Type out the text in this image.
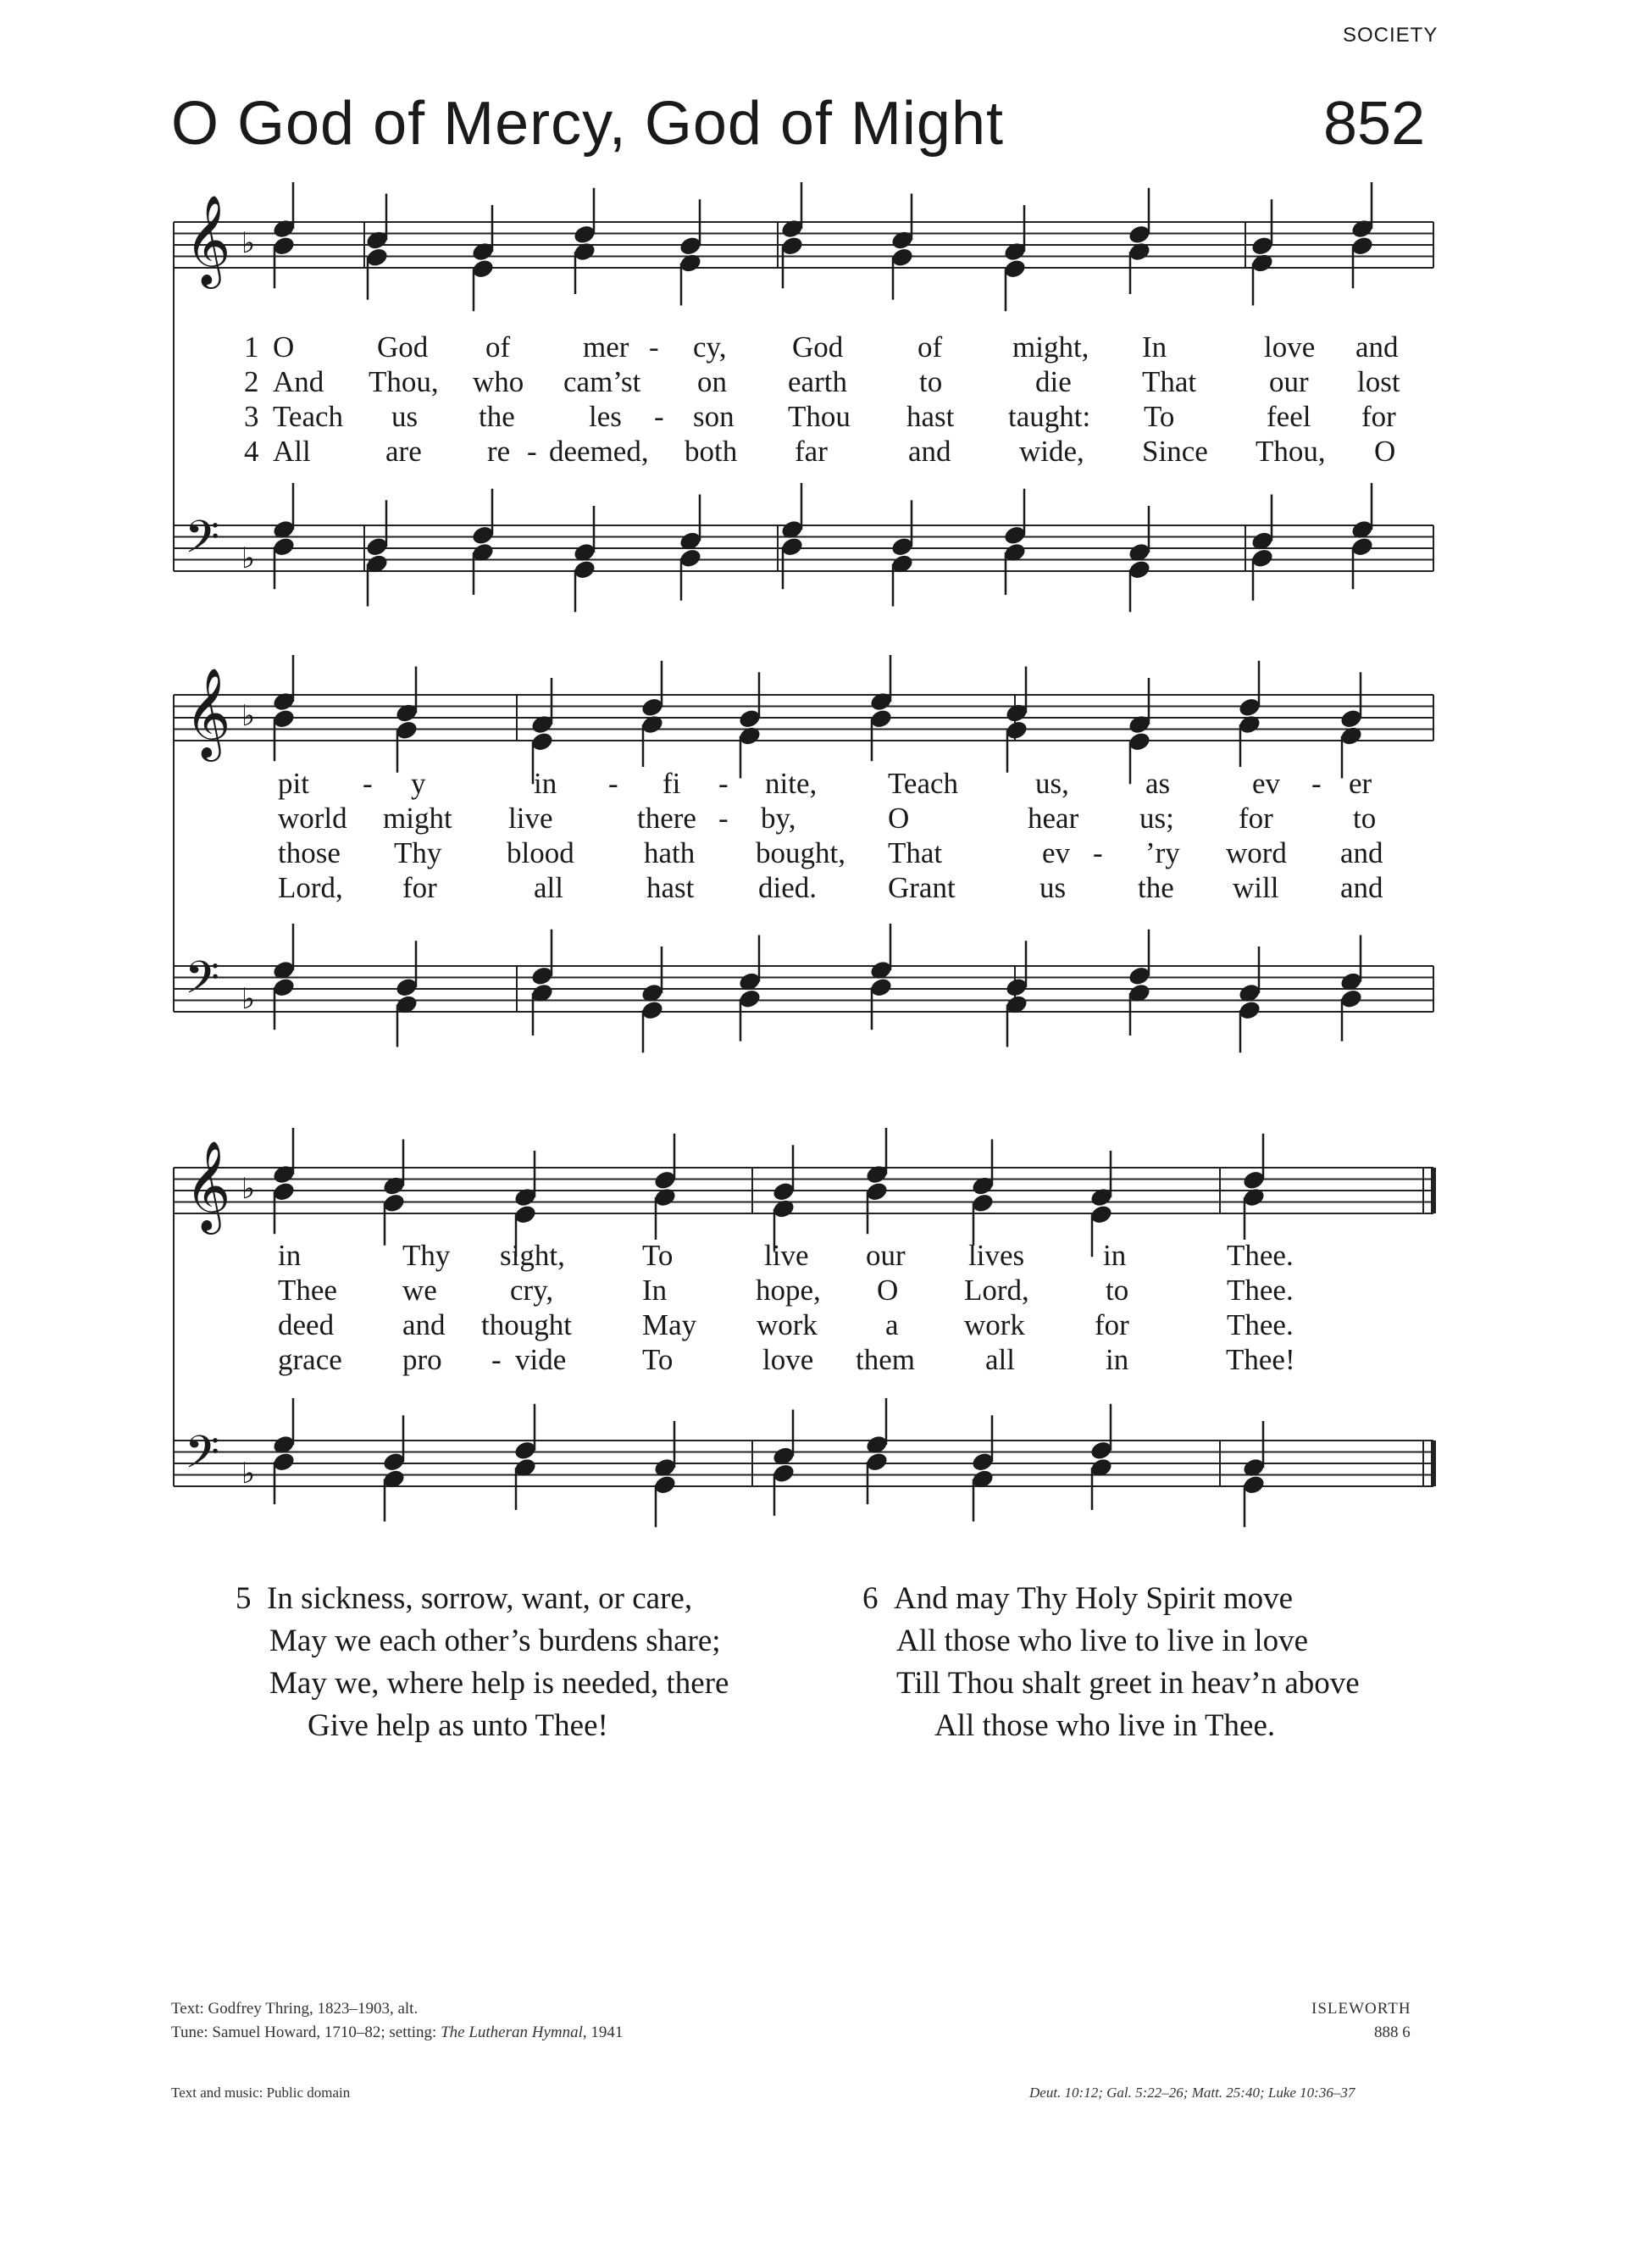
SOCIETY
O God of Mercy, God of Might	852
𝄞
𝄢
♭
♭
𝄞
𝄢
♭
♭
𝄞
𝄢
♭
♭
1 O	God of mer - cy, God	of might, In	love and
2 And Thou, who cam’st on earth to	die That our lost
3 Teach us the les - son Thou hast taught: To	feel for
4 All	are re - deemed, both far	and wide, Since Thou, O
pit - y	in - fi - nite, Teach	us,	as	ev - er
world might live	there - by,	O	hear us; for	to
those Thy blood hath bought, That	ev - ’ry word and
Lord, for	all	hast died. Grant	us the will and
in	Thy sight,	To	live our lives	in	Thee.
Thee we cry,	In	hope, O Lord,	to	Thee.
deed and thought May work a work for	Thee.
grace pro - vide	To	love them all	in	Thee!
5 In sickness, sorrow, want, or care,
May we each other’s burdens share;
May we, where help is needed, there
Give help as unto Thee!
6 And may Thy Holy Spirit move
All those who live to live in love
Till Thou shalt greet in heav’n above
All those who live in Thee.
Text: Godfrey Thring, 1823–1903, alt.
Tune: Samuel Howard, 1710–82; setting: The Lutheran Hymnal, 1941
ISLEWORTH
888 6
Text and music: Public domain	Deut. 10:12; Gal. 5:22–26; Matt. 25:40; Luke 10:36–37
